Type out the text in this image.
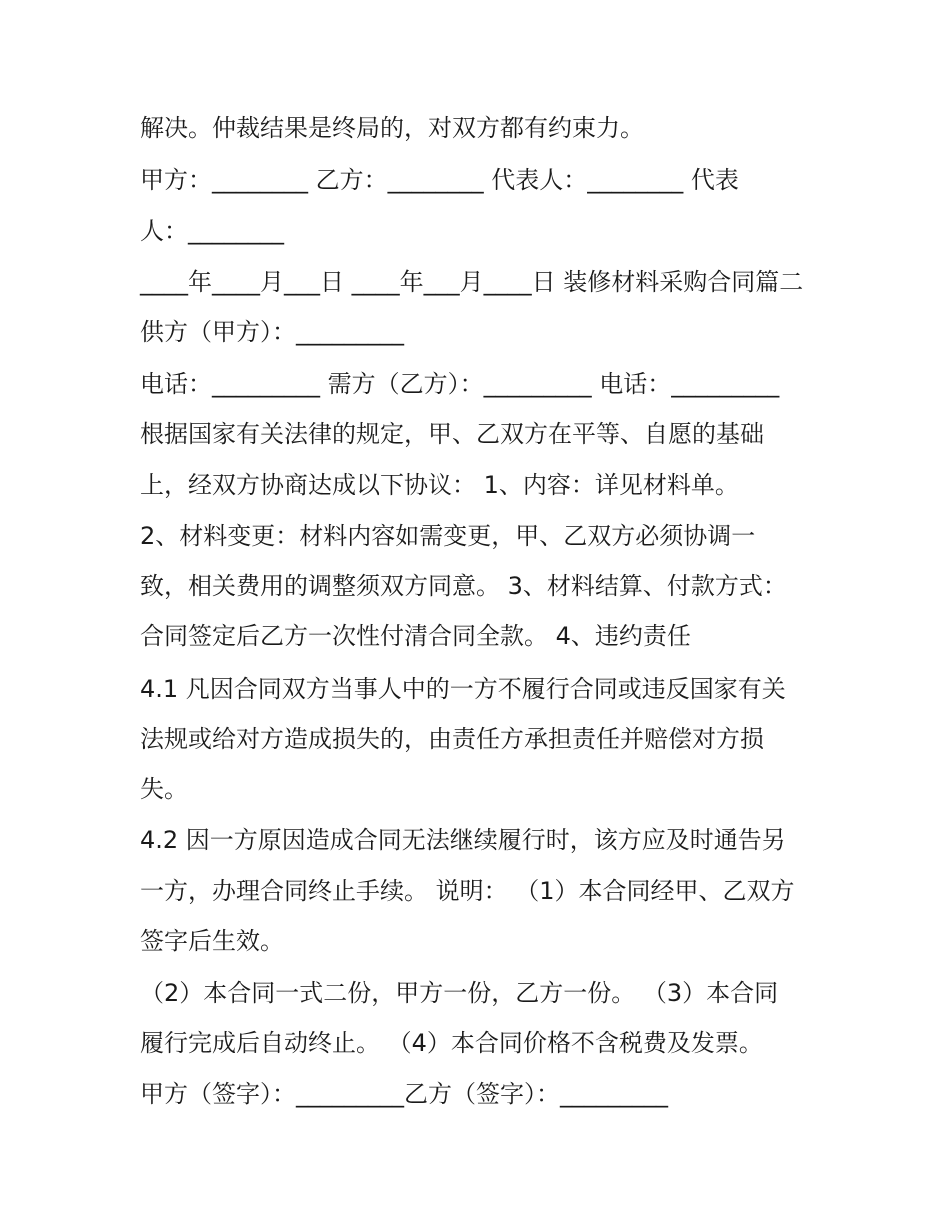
解决。仲裁结果是终局的，对双方都有约束力。
甲方：________ 乙方：________ 代表人：________ 代表
人：________
____年____月___日 ____年___月____日 装修材料采购合同篇二
供方（甲方）：_________
电话：_________ 需方（乙方）：_________ 电话：_________
根据国家有关法律的规定，甲、乙双方在平等、自愿的基础
上，经双方协商达成以下协议： 1、内容：详见材料单。
2、材料变更：材料内容如需变更，甲、乙双方必须协调一
致，相关费用的调整须双方同意。 3、材料结算、付款方式：
合同签定后乙方一次性付清合同全款。 4、违约责任
4.1 凡因合同双方当事人中的一方不履行合同或违反国家有关
法规或给对方造成损失的，由责任方承担责任并赔偿对方损
失。
4.2 因一方原因造成合同无法继续履行时，该方应及时通告另
一方，办理合同终止手续。 说明： （1）本合同经甲、乙双方
签字后生效。
（2）本合同一式二份，甲方一份，乙方一份。 （3）本合同
履行完成后自动终止。 （4）本合同价格不含税费及发票。
甲方（签字）：_________乙方（签字）：_________
